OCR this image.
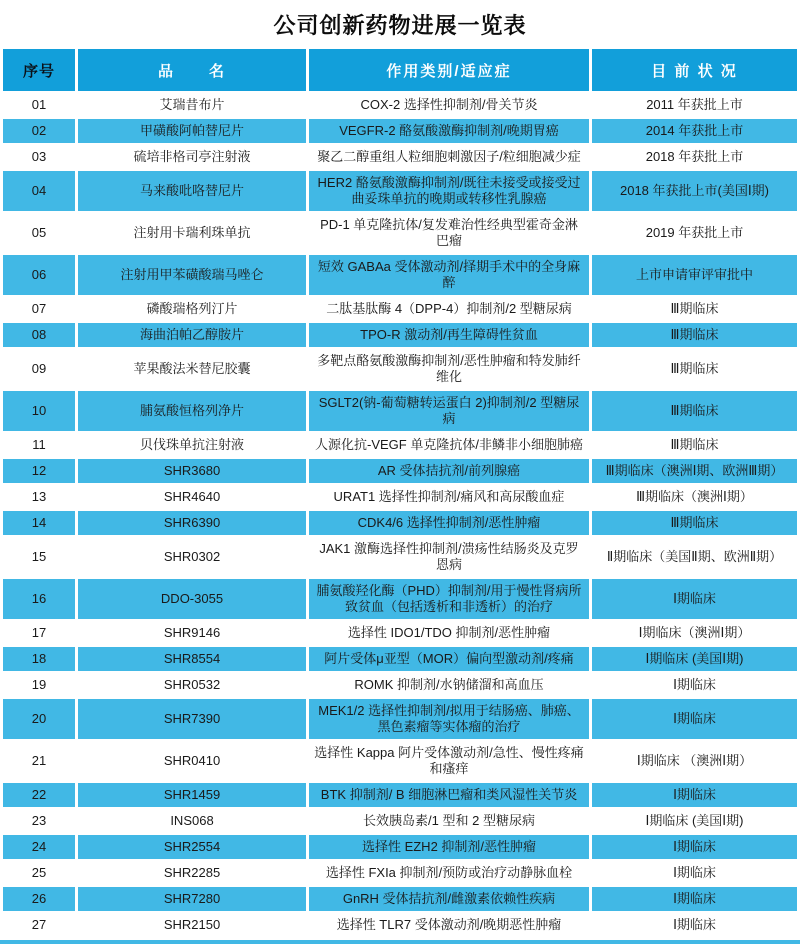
公司创新药物进展一览表
序号	品　　名	作用类别/适应症	目 前 状 况
01	艾瑞昔布片	COX-2 选择性抑制剂/骨关节炎	2011 年获批上市
02	甲磺酸阿帕替尼片	VEGFR-2 酪氨酸激酶抑制剂/晚期胃癌	2014 年获批上市
03	硫培非格司亭注射液	聚乙二醇重组人粒细胞刺激因子/粒细胞减少症	2018 年获批上市
04	马来酸吡咯替尼片	HER2 酪氨酸激酶抑制剂/既往未接受或接受过曲妥珠单抗的晚期或转移性乳腺癌	2018 年获批上市(美国Ⅰ期)
05	注射用卡瑞利珠单抗	PD-1 单克隆抗体/复发难治性经典型霍奇金淋巴瘤	2019 年获批上市
06	注射用甲苯磺酸瑞马唑仑	短效 GABAa 受体激动剂/择期手术中的全身麻醉	上市申请审评审批中
07	磷酸瑞格列汀片	二肽基肽酶 4（DPP-4）抑制剂/2 型糖尿病	Ⅲ期临床
08	海曲泊帕乙醇胺片	TPO-R 激动剂/再生障碍性贫血	Ⅲ期临床
09	苹果酸法米替尼胶囊	多靶点酪氨酸激酶抑制剂/恶性肿瘤和特发肺纤维化	Ⅲ期临床
10	脯氨酸恒格列净片	SGLT2(钠-葡萄糖转运蛋白 2)抑制剂/2 型糖尿病	Ⅲ期临床
11	贝伐珠单抗注射液	人源化抗-VEGF 单克隆抗体/非鳞非小细胞肺癌	Ⅲ期临床
12	SHR3680	AR 受体拮抗剂/前列腺癌	Ⅲ期临床（澳洲Ⅰ期、欧洲Ⅲ期）
13	SHR4640	URAT1 选择性抑制剂/痛风和高尿酸血症	Ⅲ期临床（澳洲Ⅰ期）
14	SHR6390	CDK4/6 选择性抑制剂/恶性肿瘤	Ⅲ期临床
15	SHR0302	JAK1 激酶选择性抑制剂/溃疡性结肠炎及克罗恩病	Ⅱ期临床（美国Ⅱ期、欧洲Ⅱ期）
16	DDO-3055	脯氨酸羟化酶（PHD）抑制剂/用于慢性肾病所致贫血（包括透析和非透析）的治疗	Ⅰ期临床
17	SHR9146	选择性 IDO1/TDO 抑制剂/恶性肿瘤	Ⅰ期临床（澳洲Ⅰ期）
18	SHR8554	阿片受体μ亚型（MOR）偏向型激动剂/疼痛	Ⅰ期临床 (美国Ⅰ期)
19	SHR0532	ROMK 抑制剂/水钠储溜和高血压	Ⅰ期临床
20	SHR7390	MEK1/2 选择性抑制剂/拟用于结肠癌、肺癌、黑色素瘤等实体瘤的治疗	Ⅰ期临床
21	SHR0410	选择性 Kappa 阿片受体激动剂/急性、慢性疼痛和瘙痒	Ⅰ期临床 （澳洲Ⅰ期）
22	SHR1459	BTK 抑制剂/ B 细胞淋巴瘤和类风湿性关节炎	Ⅰ期临床
23	INS068	长效胰岛素/1 型和 2 型糖尿病	Ⅰ期临床 (美国Ⅰ期)
24	SHR2554	选择性 EZH2 抑制剂/恶性肿瘤	Ⅰ期临床
25	SHR2285	选择性 FXIa 抑制剂/预防或治疗动静脉血栓	Ⅰ期临床
26	SHR7280	GnRH 受体拮抗剂/雌激素依赖性疾病	Ⅰ期临床
27	SHR2150	选择性 TLR7 受体激动剂/晚期恶性肿瘤	Ⅰ期临床
